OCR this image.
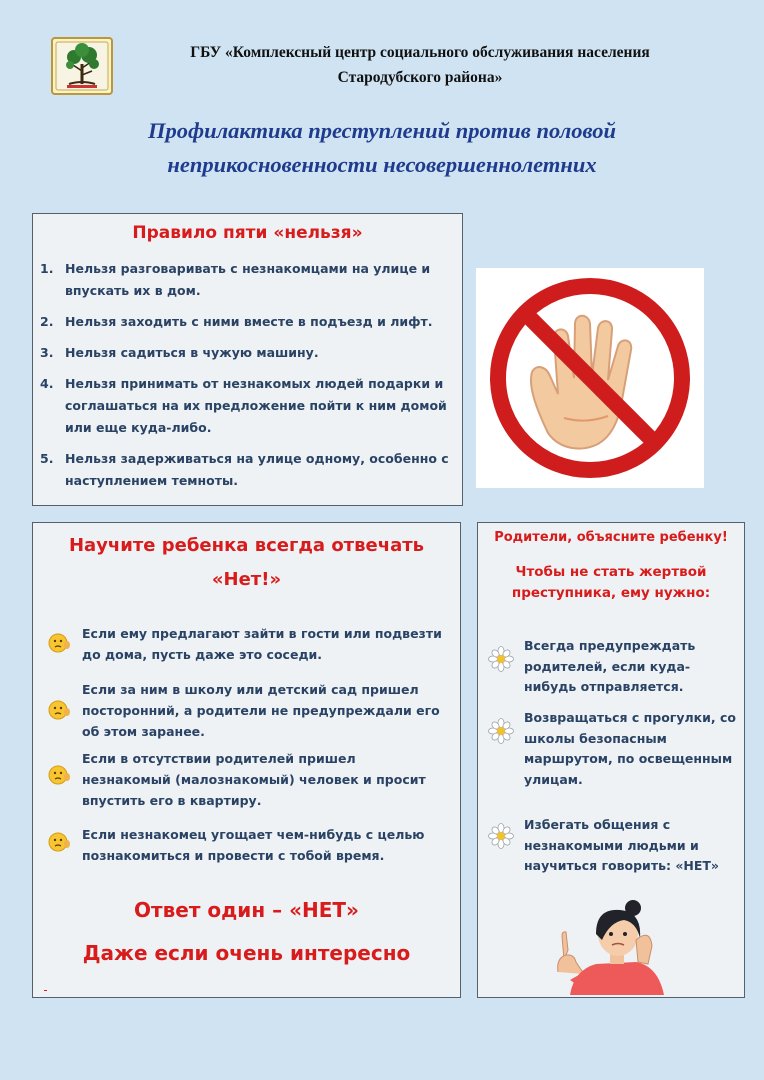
ГБУ «Комплексный центр социального обслуживания населения
Стародубского района»
Профилактика преступлений против половой
неприкосновенности несовершеннолетних
Правило пяти «нельзя»
1. Нельзя разговаривать с незнакомцами на улице и впускать их в дом.
2. Нельзя заходить с ними вместе в подъезд и лифт.
3. Нельзя садиться в чужую машину.
4. Нельзя принимать от незнакомых людей подарки и соглашаться на их предложение пойти к ним домой или еще куда-либо.
5. Нельзя задерживаться на улице одному, особенно с наступлением темноты.
Научите ребенка всегда отвечать
«Нет!»
Если ему предлагают зайти в гости или подвезти до дома, пусть даже это соседи.
Если за ним в школу или детский сад пришел посторонний, а родители не предупреждали его об этом заранее.
Если в отсутствии родителей пришел незнакомый (малознакомый) человек и просит впустить его в квартиру.
Если незнакомец угощает чем-нибудь с целью познакомиться и провести с тобой время.
Ответ один – «НЕТ»
Даже если очень интересно
Родители, объясните ребенку!
Чтобы не стать жертвой
преступника, ему нужно:
Всегда предупреждать родителей, если куда-нибудь отправляется.
Возвращаться с прогулки, со школы безопасным маршрутом, по освещенным улицам.
Избегать общения с незнакомыми людьми и научиться говорить: «НЕТ»
